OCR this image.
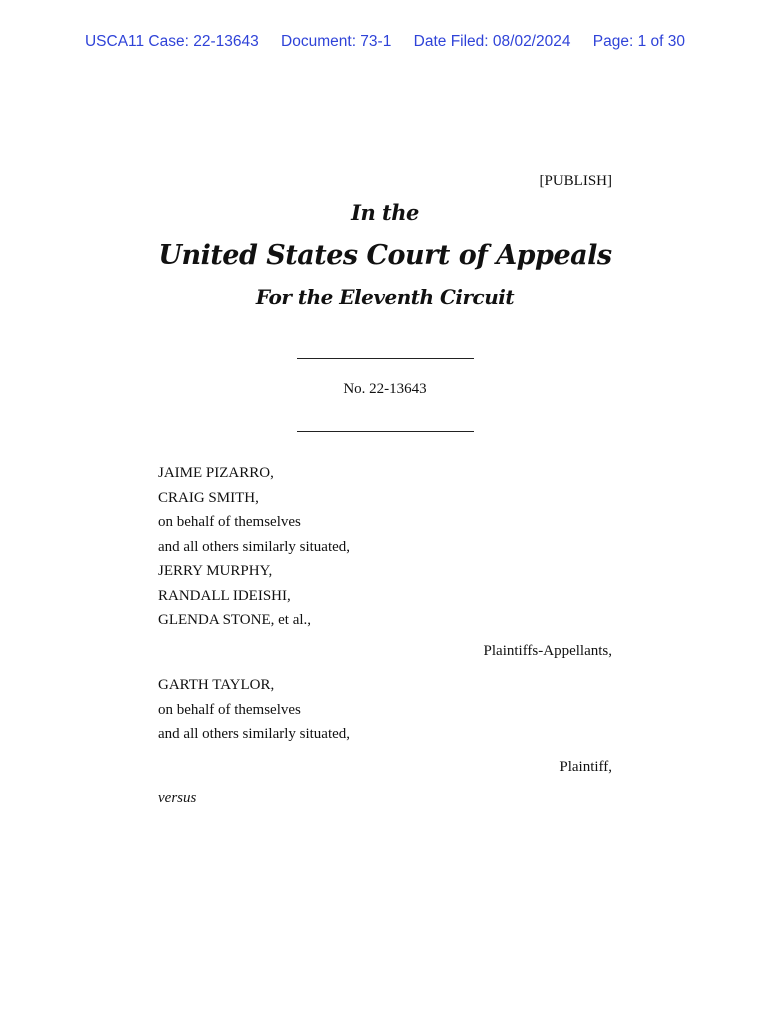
USCA11 Case: 22-13643 Document: 73-1 Date Filed: 08/02/2024 Page: 1 of 30
[PUBLISH]
In the
United States Court of Appeals
For the Eleventh Circuit
No. 22-13643
JAIME PIZARRO,
CRAIG SMITH,
on behalf of themselves
and all others similarly situated,
JERRY MURPHY,
RANDALL IDEISHI,
GLENDA STONE, et al.,
Plaintiffs-Appellants,
GARTH TAYLOR,
on behalf of themselves
and all others similarly situated,
Plaintiff,
versus
